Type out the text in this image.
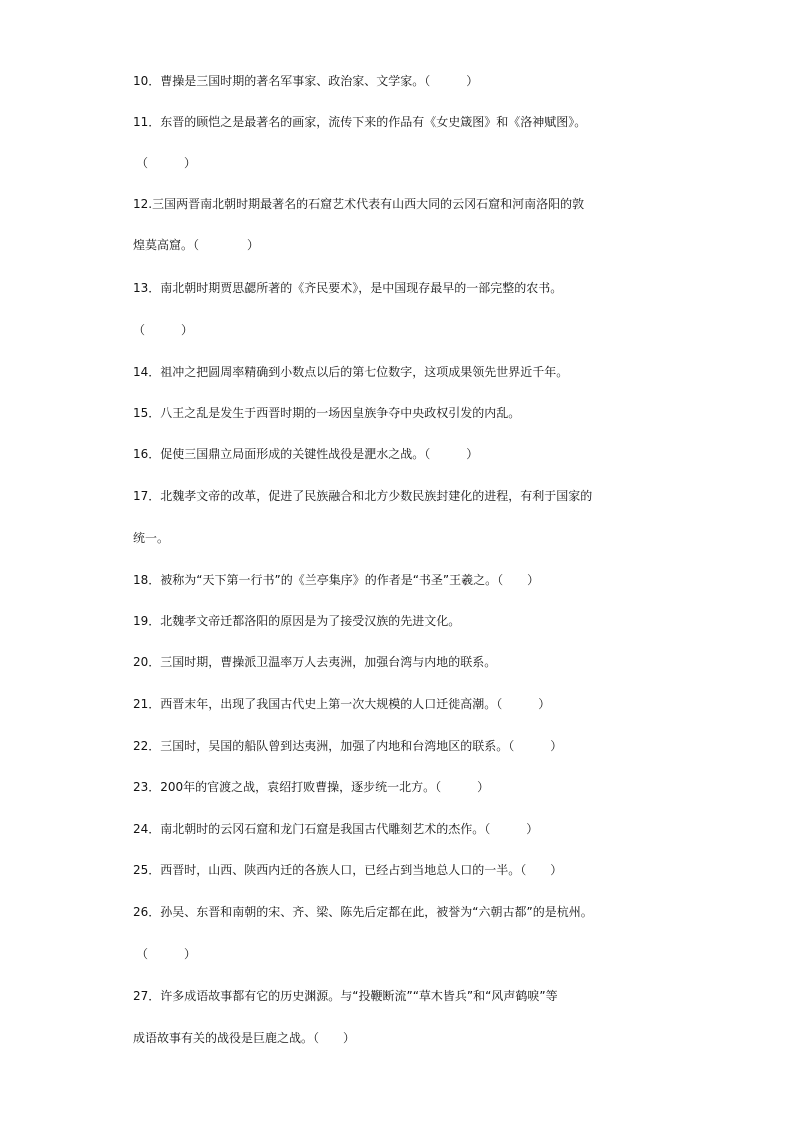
10．曹操是三国时期的著名军事家、政治家、文学家。（　　　）

11．东晋的顾恺之是最著名的画家，流传下来的作品有《女史箴图》和《洛神赋图》。

（　　　）

12.三国两晋南北朝时期最著名的石窟艺术代表有山西大同的云冈石窟和河南洛阳的敦

煌莫高窟。（　　　　）

13．南北朝时期贾思勰所著的《齐民要术》，是中国现存最早的一部完整的农书。

（　　　）

14．祖冲之把圆周率精确到小数点以后的第七位数字，这项成果领先世界近千年。

15．八王之乱是发生于西晋时期的一场因皇族争夺中央政权引发的内乱。

16．促使三国鼎立局面形成的关键性战役是淝水之战。（　　　）

17．北魏孝文帝的改革，促进了民族融合和北方少数民族封建化的进程，有利于国家的

统一。

18．被称为“天下第一行书”的《兰亭集序》的作者是“书圣”王羲之。（　　）

19．北魏孝文帝迁都洛阳的原因是为了接受汉族的先进文化。

20．三国时期，曹操派卫温率万人去夷洲，加强台湾与内地的联系。

21．西晋末年，出现了我国古代史上第一次大规模的人口迁徙高潮。（　　　）

22．三国时，吴国的船队曾到达夷洲，加强了内地和台湾地区的联系。（　　　）

23．200年的官渡之战，袁绍打败曹操，逐步统一北方。（　　　）

24．南北朝时的云冈石窟和龙门石窟是我国古代雕刻艺术的杰作。（　　　）

25．西晋时，山西、陕西内迁的各族人口，已经占到当地总人口的一半。（　　）

26．孙吴、东晋和南朝的宋、齐、梁、陈先后定都在此，被誉为“六朝古都”的是杭州。

（　　　）

27．许多成语故事都有它的历史渊源。与“投鞭断流”“草木皆兵”和“风声鹤唳”等

成语故事有关的战役是巨鹿之战。（　　）
